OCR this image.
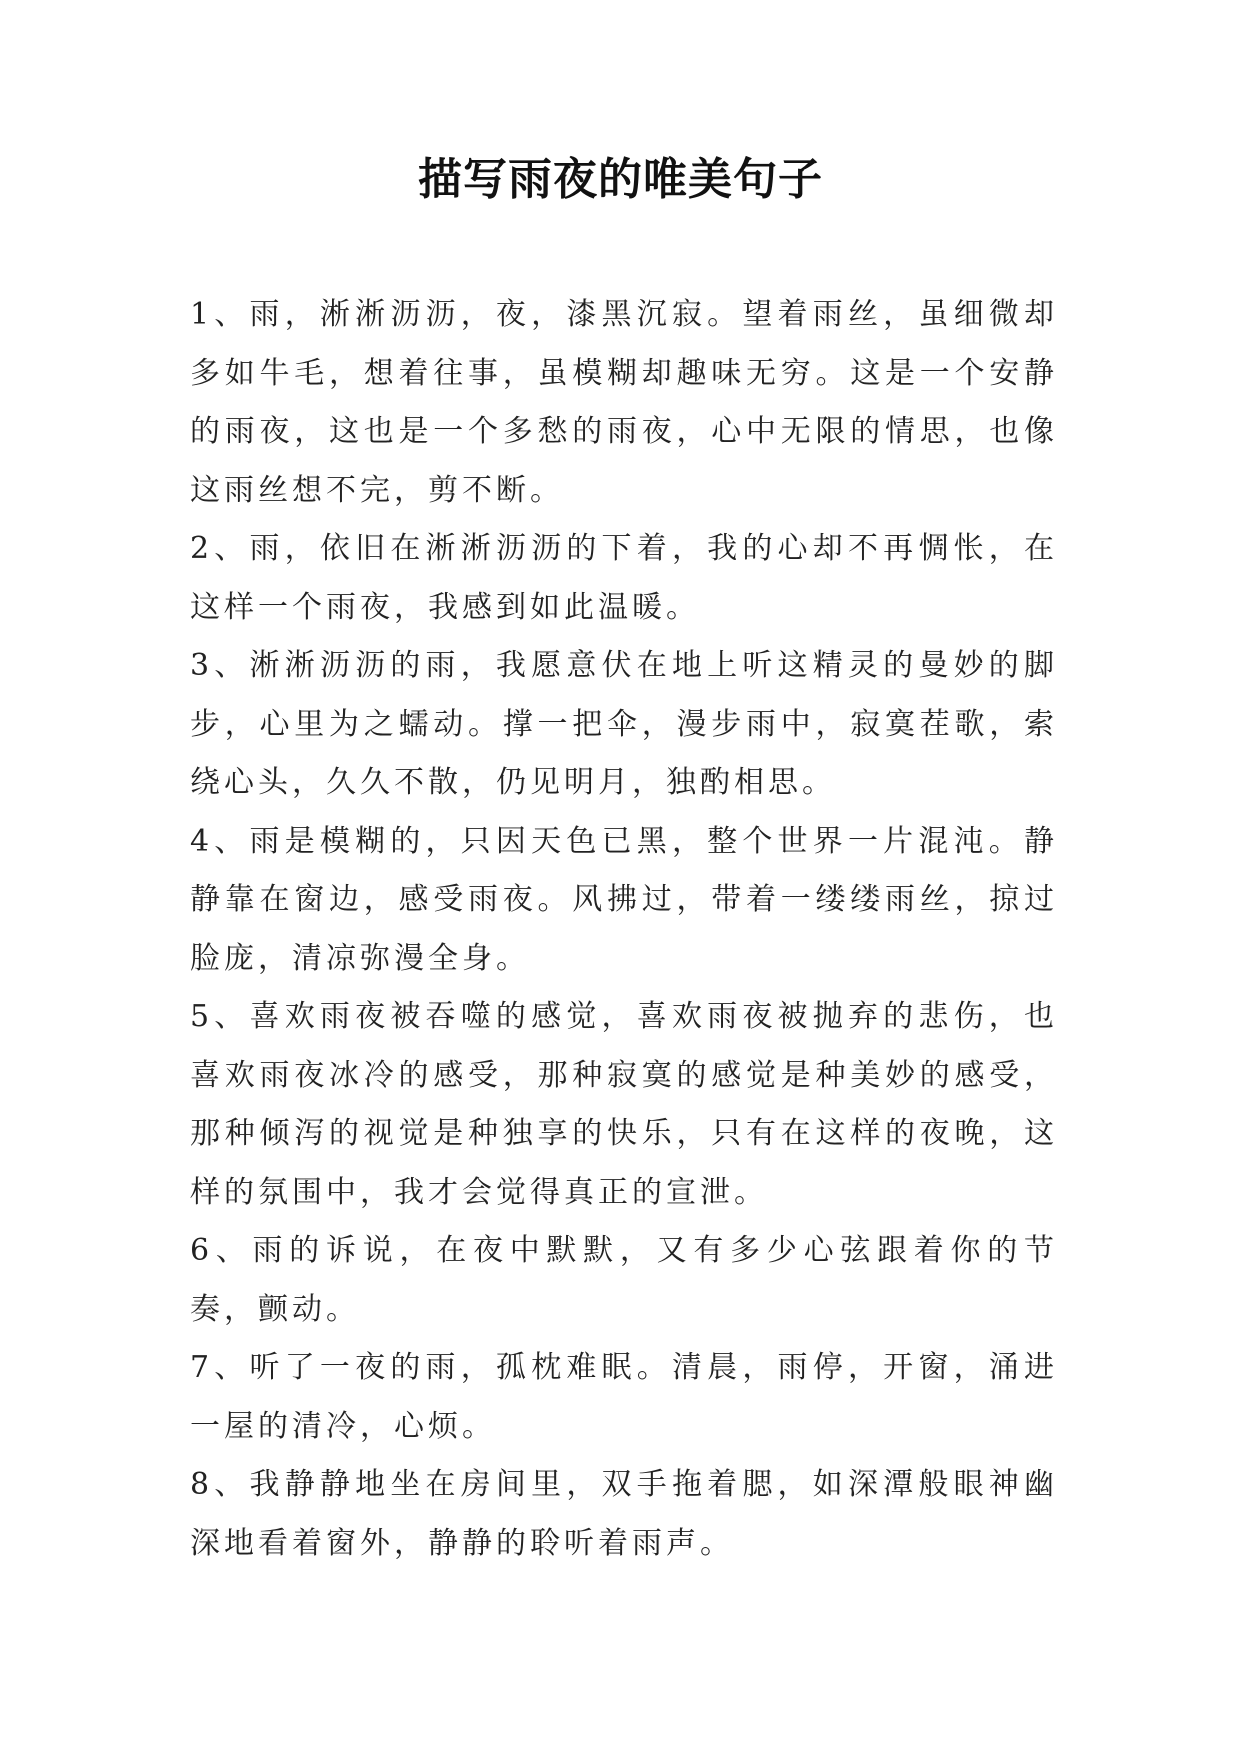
描写雨夜的唯美句子

1、雨，淅淅沥沥，夜，漆黑沉寂。望着雨丝，虽细微却多如牛毛，想着往事，虽模糊却趣味无穷。这是一个安静的雨夜，这也是一个多愁的雨夜，心中无限的情思，也像这雨丝想不完，剪不断。

2、雨，依旧在淅淅沥沥的下着，我的心却不再惆怅，在这样一个雨夜，我感到如此温暖。

3、淅淅沥沥的雨，我愿意伏在地上听这精灵的曼妙的脚步，心里为之蠕动。撑一把伞，漫步雨中，寂寞茬歌，索绕心头，久久不散，仍见明月，独酌相思。

4、雨是模糊的，只因天色已黑，整个世界一片混沌。静静靠在窗边，感受雨夜。风拂过，带着一缕缕雨丝，掠过脸庞，清凉弥漫全身。

5、喜欢雨夜被吞噬的感觉，喜欢雨夜被抛弃的悲伤，也喜欢雨夜冰冷的感受，那种寂寞的感觉是种美妙的感受，那种倾泻的视觉是种独享的快乐，只有在这样的夜晚，这样的氛围中，我才会觉得真正的宣泄。

6、雨的诉说，在夜中默默，又有多少心弦跟着你的节奏，颤动。

7、听了一夜的雨，孤枕难眠。清晨，雨停，开窗，涌进一屋的清冷，心烦。

8、我静静地坐在房间里，双手拖着腮，如深潭般眼神幽深地看着窗外，静静的聆听着雨声。
